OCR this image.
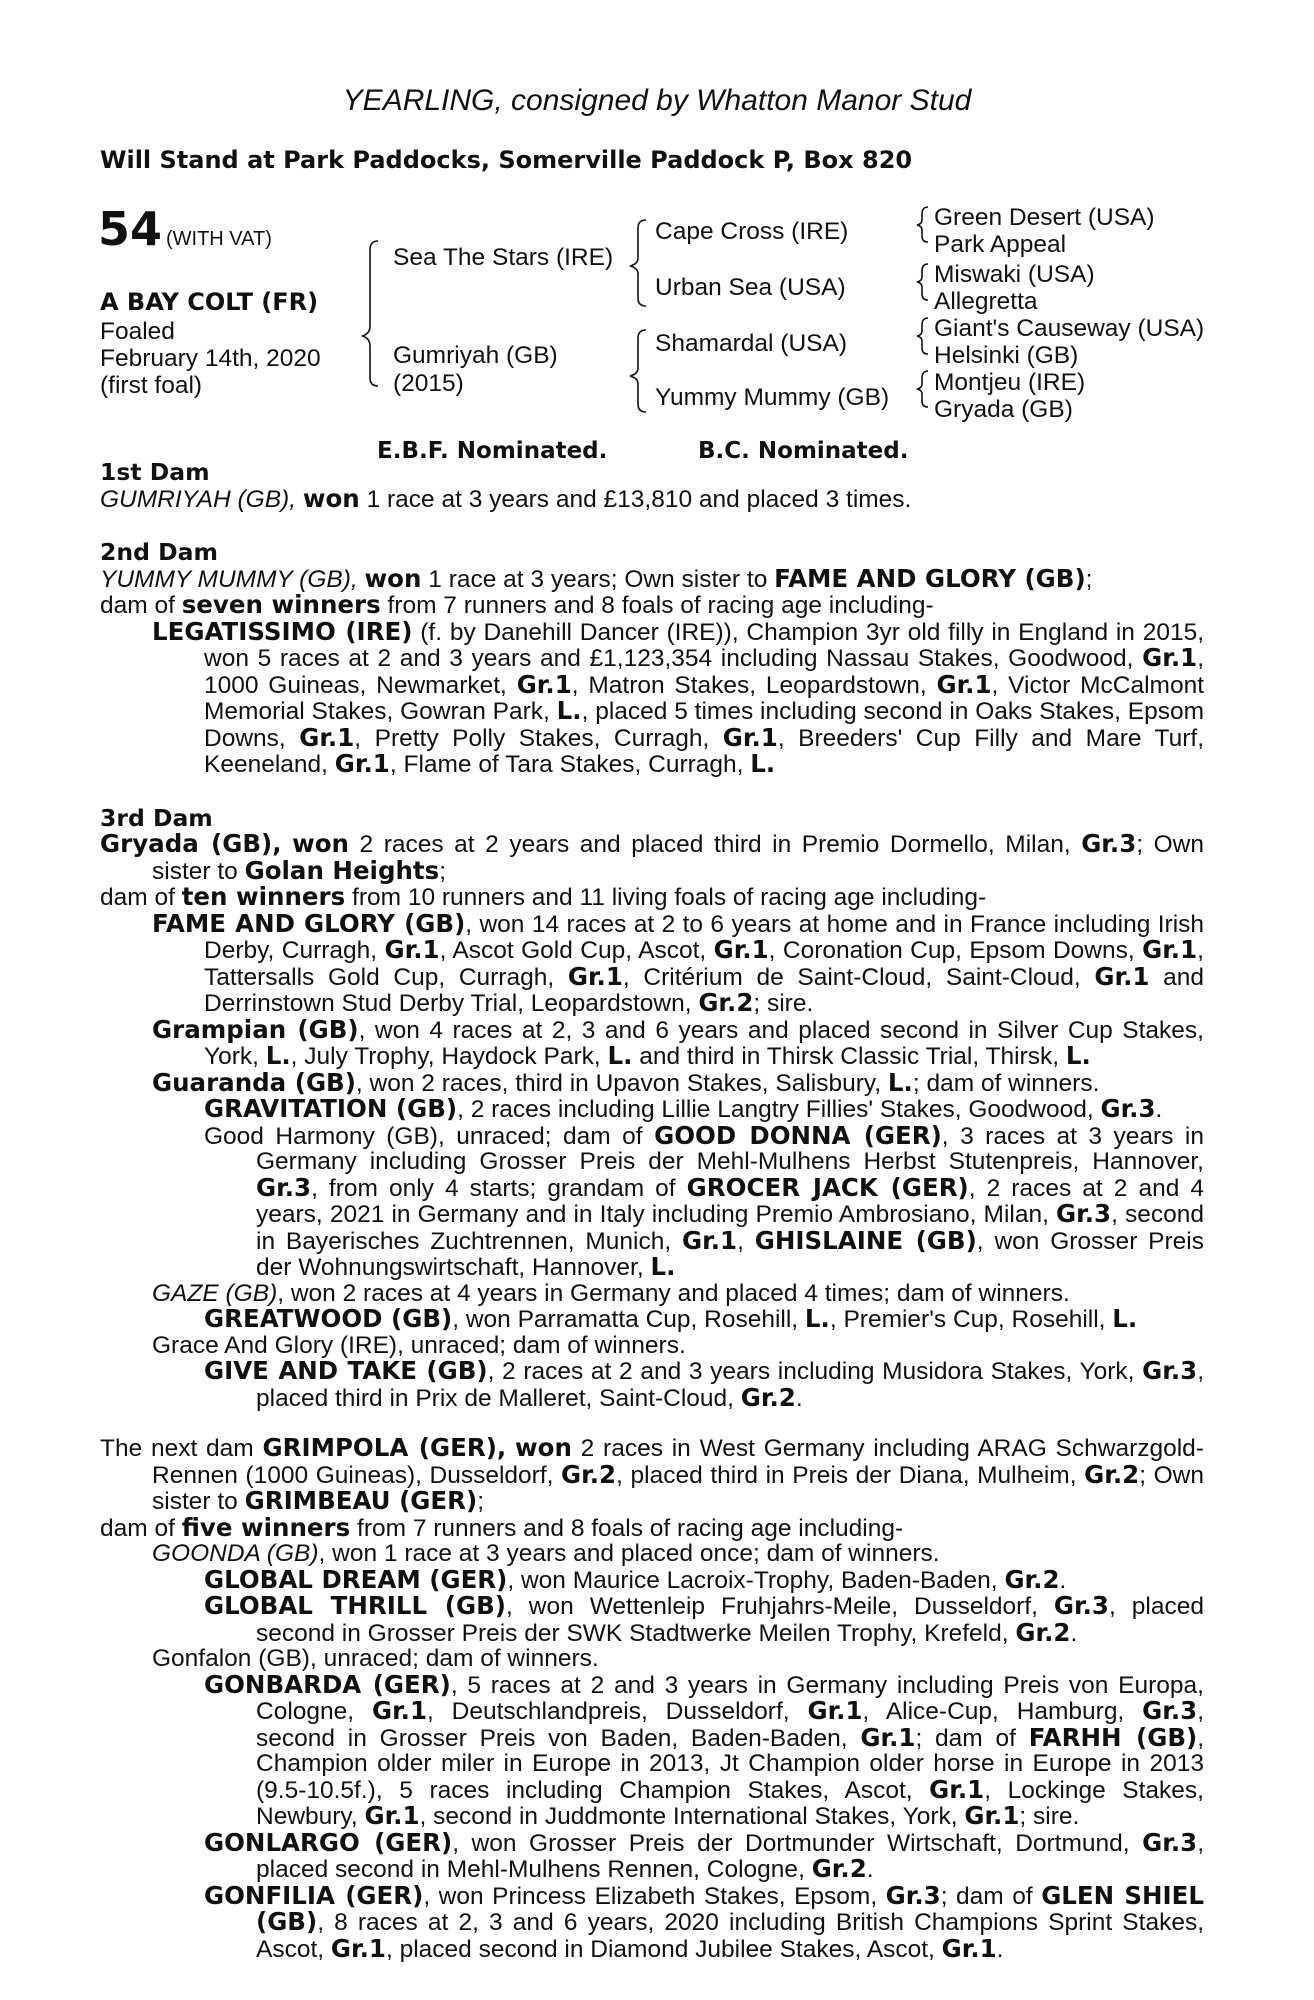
YEARLING, consigned by Whatton Manor Stud
Will Stand at Park Paddocks, Somerville Paddock P, Box 820
54 (WITH VAT)
A BAY COLT (FR)
Foaled
February 14th, 2020
(first foal)
Sea The Stars (IRE)
Gumriyah (GB)
(2015)
Cape Cross (IRE)
Urban Sea (USA)
Shamardal (USA)
Yummy Mummy (GB)
Green Desert (USA)
Park Appeal
Miswaki (USA)
Allegretta
Giant's Causeway (USA)
Helsinki (GB)
Montjeu (IRE)
Gryada (GB)
E.B.F. Nominated.	B.C. Nominated.
1st Dam
GUMRIYAH (GB), won 1 race at 3 years and £13,810 and placed 3 times.
2nd Dam
YUMMY MUMMY (GB), won 1 race at 3 years; Own sister to FAME AND GLORY (GB);
dam of seven winners from 7 runners and 8 foals of racing age including-
LEGATISSIMO (IRE) (f. by Danehill Dancer (IRE)), Champion 3yr old filly in England in 2015, won 5 races at 2 and 3 years and £1,123,354 including Nassau Stakes, Goodwood, Gr.1, 1000 Guineas, Newmarket, Gr.1, Matron Stakes, Leopardstown, Gr.1, Victor McCalmont Memorial Stakes, Gowran Park, L., placed 5 times including second in Oaks Stakes, Epsom Downs, Gr.1, Pretty Polly Stakes, Curragh, Gr.1, Breeders' Cup Filly and Mare Turf, Keeneland, Gr.1, Flame of Tara Stakes, Curragh, L.
3rd Dam
Gryada (GB), won 2 races at 2 years and placed third in Premio Dormello, Milan, Gr.3; Own sister to Golan Heights;
dam of ten winners from 10 runners and 11 living foals of racing age including-
FAME AND GLORY (GB), won 14 races at 2 to 6 years at home and in France including Irish Derby, Curragh, Gr.1, Ascot Gold Cup, Ascot, Gr.1, Coronation Cup, Epsom Downs, Gr.1, Tattersalls Gold Cup, Curragh, Gr.1, Critérium de Saint-Cloud, Saint-Cloud, Gr.1 and Derrinstown Stud Derby Trial, Leopardstown, Gr.2; sire.
Grampian (GB), won 4 races at 2, 3 and 6 years and placed second in Silver Cup Stakes, York, L., July Trophy, Haydock Park, L. and third in Thirsk Classic Trial, Thirsk, L.
Guaranda (GB), won 2 races, third in Upavon Stakes, Salisbury, L.; dam of winners.
GRAVITATION (GB), 2 races including Lillie Langtry Fillies' Stakes, Goodwood, Gr.3.
Good Harmony (GB), unraced; dam of GOOD DONNA (GER), 3 races at 3 years in Germany including Grosser Preis der Mehl-Mulhens Herbst Stutenpreis, Hannover, Gr.3, from only 4 starts; grandam of GROCER JACK (GER), 2 races at 2 and 4 years, 2021 in Germany and in Italy including Premio Ambrosiano, Milan, Gr.3, second in Bayerisches Zuchtrennen, Munich, Gr.1, GHISLAINE (GB), won Grosser Preis der Wohnungswirtschaft, Hannover, L.
GAZE (GB), won 2 races at 4 years in Germany and placed 4 times; dam of winners.
GREATWOOD (GB), won Parramatta Cup, Rosehill, L., Premier's Cup, Rosehill, L.
Grace And Glory (IRE), unraced; dam of winners.
GIVE AND TAKE (GB), 2 races at 2 and 3 years including Musidora Stakes, York, Gr.3, placed third in Prix de Malleret, Saint-Cloud, Gr.2.
The next dam GRIMPOLA (GER), won 2 races in West Germany including ARAG Schwarzgold-Rennen (1000 Guineas), Dusseldorf, Gr.2, placed third in Preis der Diana, Mulheim, Gr.2; Own sister to GRIMBEAU (GER);
dam of five winners from 7 runners and 8 foals of racing age including-
GOONDA (GB), won 1 race at 3 years and placed once; dam of winners.
GLOBAL DREAM (GER), won Maurice Lacroix-Trophy, Baden-Baden, Gr.2.
GLOBAL THRILL (GB), won Wettenleip Fruhjahrs-Meile, Dusseldorf, Gr.3, placed second in Grosser Preis der SWK Stadtwerke Meilen Trophy, Krefeld, Gr.2.
Gonfalon (GB), unraced; dam of winners.
GONBARDA (GER), 5 races at 2 and 3 years in Germany including Preis von Europa, Cologne, Gr.1, Deutschlandpreis, Dusseldorf, Gr.1, Alice-Cup, Hamburg, Gr.3, second in Grosser Preis von Baden, Baden-Baden, Gr.1; dam of FARHH (GB), Champion older miler in Europe in 2013, Jt Champion older horse in Europe in 2013 (9.5-10.5f.), 5 races including Champion Stakes, Ascot, Gr.1, Lockinge Stakes, Newbury, Gr.1, second in Juddmonte International Stakes, York, Gr.1; sire.
GONLARGO (GER), won Grosser Preis der Dortmunder Wirtschaft, Dortmund, Gr.3, placed second in Mehl-Mulhens Rennen, Cologne, Gr.2.
GONFILIA (GER), won Princess Elizabeth Stakes, Epsom, Gr.3; dam of GLEN SHIEL (GB), 8 races at 2, 3 and 6 years, 2020 including British Champions Sprint Stakes, Ascot, Gr.1, placed second in Diamond Jubilee Stakes, Ascot, Gr.1.
